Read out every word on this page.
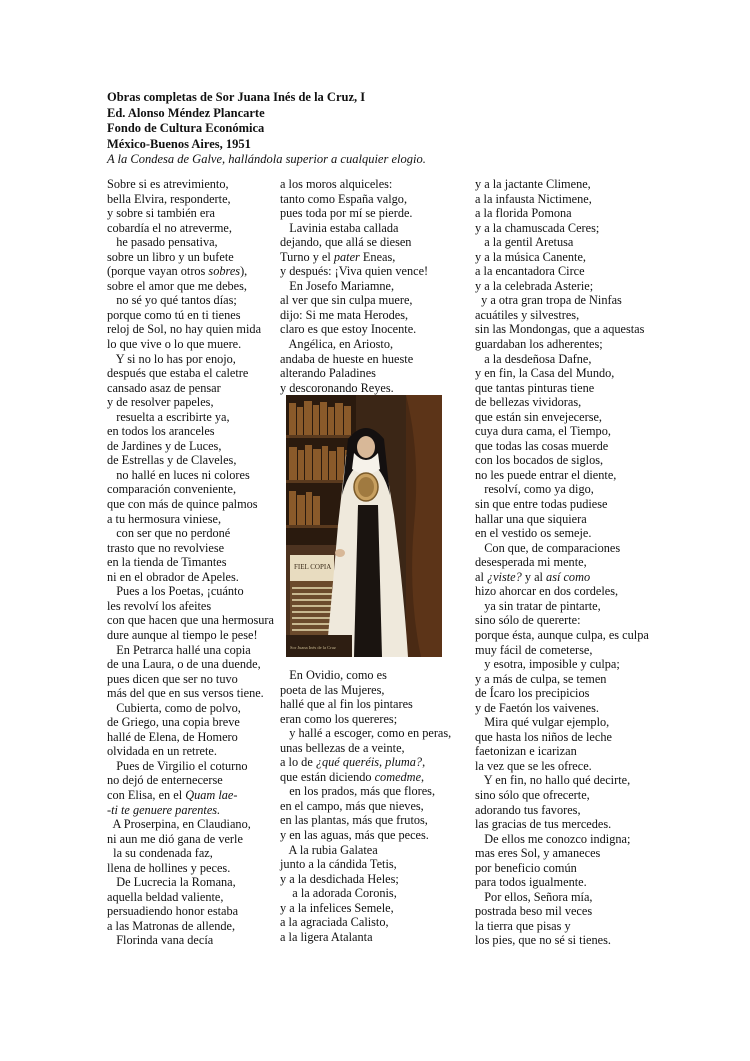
Obras completas de Sor Juana Inés de la Cruz, I
Ed. Alonso Méndez Plancarte
Fondo de Cultura Económica
México-Buenos Aires, 1951
A la Condesa de Galve, hallándola superior a cualquier elogio.
Sobre si es atrevimiento,
bella Elvira, responderte,
y sobre si también era
cobardía el no atreverme,
he pasado pensativa,
sobre un libro y un bufete
(porque vayan otros sobres),
sobre el amor que me debes,
no sé yo qué tantos días;
porque como tú en ti tienes
reloj de Sol, no hay quien mida
lo que vive o lo que muere.
Y si no lo has por enojo,
después que estaba el caletre
cansado asaz de pensar
y de resolver papeles,
resuelta a escribirte ya,
en todos los aranceles
de Jardines y de Luces,
de Estrellas y de Claveles,
no hallé en luces ni colores
comparación conveniente,
que con más de quince palmos
a tu hermosura viniese,
con ser que no perdoné
trasto que no revolviese
en la tienda de Timantes
ni en el obrador de Apeles.
Pues a los Poetas, ¡cuánto
les revolví los afeites
con que hacen que una hermosura
dure aunque al tiempo le pese!
En Petrarca hallé una copia
de una Laura, o de una duende,
pues dicen que ser no tuvo
más del que en sus versos tiene.
Cubierta, como de polvo,
de Griego, una copia breve
hallé de Elena, de Homero
olvidada en un retrete.
Pues de Virgilio el coturno
no dejó de enternecerse
con Elisa, en el Quam lae-
-ti te genuere parentes.
A Proserpina, en Claudiano,
ni aun me dió gana de verle
la su condenada faz,
llena de hollines y peces.
De Lucrecia la Romana,
aquella beldad valiente,
persuadiendo honor estaba
a las Matronas de allende,
Florinda vana decía
a los moros alquiceles:
tanto como España valgo,
pues toda por mí se pierde.
Lavinia estaba callada
dejando, que allá se diesen
Turno y el pater Eneas,
y después: ¡Viva quien vence!
En Josefo Mariamne,
al ver que sin culpa muere,
dijo: Si me mata Herodes,
claro es que estoy Inocente.
Angélica, en Ariosto,
andaba de hueste en hueste
alterando Paladines
y descoronando Reyes.
FIEL COPIA
Sor Juana Inés de la Cruz
En Ovidio, como es
poeta de las Mujeres,
hallé que al fin los pintares
eran como los quereres;
y hallé a escoger, como en peras,
unas bellezas de a veinte,
a lo de ¿qué queréis, pluma?,
que están diciendo comedme,
en los prados, más que flores,
en el campo, más que nieves,
en las plantas, más que frutos,
y en las aguas, más que peces.
A la rubia Galatea
junto a la cándida Tetis,
y a la desdichada Heles;
a la adorada Coronis,
y a la infelices Semele,
a la agraciada Calisto,
a la ligera Atalanta
y a la jactante Climene,
a la infausta Nictimene,
a la florida Pomona
y a la chamuscada Ceres;
a la gentil Aretusa
y a la música Canente,
a la encantadora Circe
y a la celebrada Asterie;
y a otra gran tropa de Ninfas
acuátiles y silvestres,
sin las Mondongas, que a aquestas
guardaban los adherentes;
a la desdeñosa Dafne,
y en fin, la Casa del Mundo,
que tantas pinturas tiene
de bellezas vividoras,
que están sin envejecerse,
cuya dura cama, el Tiempo,
que todas las cosas muerde
con los bocados de siglos,
no les puede entrar el diente,
resolví, como ya digo,
sin que entre todas pudiese
hallar una que siquiera
en el vestido os semeje.
Con que, de comparaciones
desesperada mi mente,
al ¿viste? y al así como
hizo ahorcar en dos cordeles,
ya sin tratar de pintarte,
sino sólo de quererte:
porque ésta, aunque culpa, es culpa
muy fácil de cometerse,
y esotra, imposible y culpa;
y a más de culpa, se temen
de Ícaro los precipicios
y de Faetón los vaivenes.
Mira qué vulgar ejemplo,
que hasta los niños de leche
faetonizan e icarizan
la vez que se les ofrece.
Y en fin, no hallo qué decirte,
sino sólo que ofrecerte,
adorando tus favores,
las gracias de tus mercedes.
De ellos me conozco indigna;
mas eres Sol, y amaneces
por beneficio común
para todos igualmente.
Por ellos, Señora mía,
postrada beso mil veces
la tierra que pisas y
los pies, que no sé si tienes.
